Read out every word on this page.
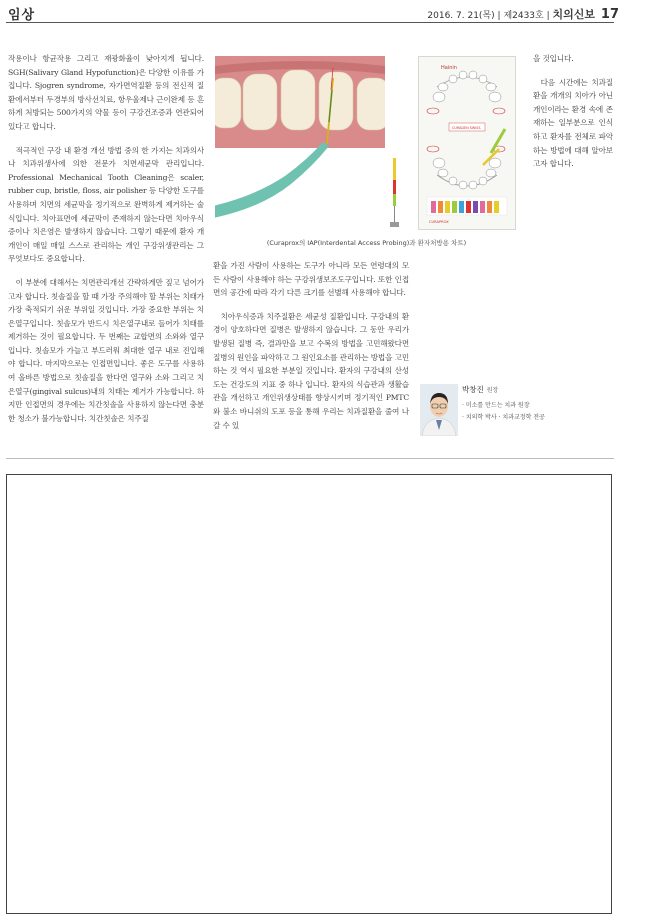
임상	2016. 7. 21(목) | 제2433호 | 치의신보 17

작용이나 항균작용 그리고 재광화율이 낮아지게 됩니다. SGH(Salivary Gland Hypofunction)은 다양한 이유를 가집니다. Sjogren syndrome, 자가면역질환 등의 전신적 질환에서부터 두경부의 방사선치료, 항우울제나 근이완제 등 흔하게 처방되는 500가지의 약물 등이 구강건조증과 연관되어 있다고 합니다.

적극적인 구강 내 환경 개선 방법 중의 한 가지는 치과의사나 치과위생사에 의한 전문가 치면세균막 관리입니다. Professional Mechanical Tooth Cleaning은 scaler, rubber cup, bristle, floss, air polisher 등 다양한 도구를 사용하며 치면의 세균막을 정기적으로 완벽하게 제거하는 술식입니다. 치아표면에 세균막이 존재하지 않는다면 치아우식증이나 치은염은 발생하지 않습니다. 그렇기 때문에 환자 개개인이 매일 매일 스스로 관리하는 개인 구강위생관리는 그 무엇보다도 중요합니다.

이 부분에 대해서는 치면관리개선 간략하게만 짚고 넘어가고자 합니다. 칫솔질을 할 때 가장 주의해야 할 부위는 치태가 가장 축적되기 쉬운 부위일 것입니다. 가장 중요한 부위는 치은열구입니다. 칫솔모가 반드시 치은열구내로 들어가 치태를 제거하는 것이 필요합니다. 두 번째는 교합면의 소와와 열구입니다. 칫솔모가 가늘고 부드러워 최대한 열구 내로 진입해야 합니다. 마지막으로는 인접면입니다. 좋은 도구를 사용하여 올바른 방법으로 칫솔질을 한다면 열구와 소와 그리고 치은열구(gingival sulcus)내의 치태는 제거가 가능합니다. 하지만 인접면의 경우에는 치간칫솔을 사용하지 않는다면 충분한 청소가 불가능합니다. 치간칫솔은 치주질

Hainin
CURADEN SWISS
CURAPROX
(Curaprox의 IAP(Interdental Access Probing)과 환자처방용 차트)

환을 가진 사람이 사용하는 도구가 아니라 모든 연령대의 모든 사람이 사용해야 하는 구강위생보조도구입니다. 또한 인접면의 공간에 따라 각기 다른 크기를 선별해 사용해야 합니다.

치아우식증과 치주질환은 세균성 질환입니다. 구강내의 환경이 양호하다면 질병은 발생하지 않습니다. 그 동안 우리가 발생된 질병 즉, 결과만을 보고 수복의 방법을 고민해왔다면 질병의 원인을 파악하고 그 원인요소를 관리하는 방법을 고민하는 것 역시 필요한 부분일 것입니다. 환자의 구강내의 산성도는 건강도의 지표 중 하나 입니다. 환자의 식습관과 생활습관을 개선하고 개인위생상태를 향상시키며 정기적인 PMTC와 불소 바니쉬의 도포 등을 통해 우리는 치과질환을 줄여 나갈 수 있

을 것입니다.

다음 시간에는 치과질환을 개개의 치아가 아닌 개인이라는 환경 속에 존재하는 일부분으로 인식하고 환자를 전체로 파악하는 방법에 대해 알아보고자 합니다.

박창진 원장
· 미소를 만드는 치과 원장
· 치의학 박사 · 치과교정학 전공
